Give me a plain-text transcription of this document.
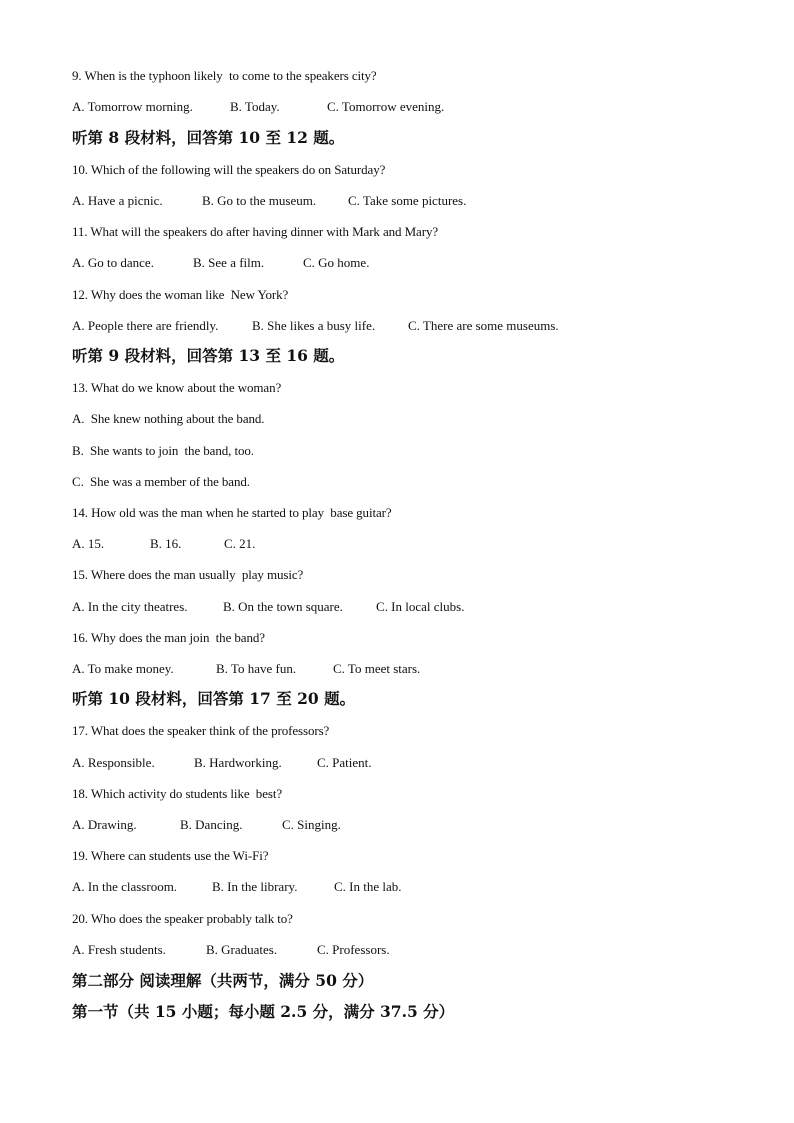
9. When is the typhoon likely  to come to the speakers city?
A. Tomorrow morning.	B. Today.	C. Tomorrow evening.
听第 8 段材料，回答第 10 至 12 题。
10. Which of the following will the speakers do on Saturday?
A. Have a picnic.	B. Go to the museum. C. Take some pictures.
11. What will the speakers do after having dinner with Mark and Mary?
A. Go to dance.	B. See a film.	C. Go home.
12. Why does the woman like  New York?
A. People there are friendly.	B. She likes a busy life.	C. There are some museums.
听第 9 段材料，回答第 13 至 16 题。
13. What do we know about the woman?
A.  She knew nothing about the band.
B.  She wants to join  the band, too.
C.  She was a member of the band.
14. How old was the man when he started to play  base guitar?
A. 15.	B. 16.	C. 21.
15. Where does the man usually  play music?
A. In the city theatres.	B. On the town square.	C. In local clubs.
16. Why does the man join  the band?
A. To make money.	B. To have fun.	C. To meet stars.
听第 10 段材料，回答第 17 至 20 题。
17. What does the speaker think of the professors?
A. Responsible.	B. Hardworking.	C. Patient.
18. Which activity do students like  best?
A. Drawing.	B. Dancing.	C. Singing.
19. Where can students use the Wi-Fi?
A. In the classroom.	B. In the library.	C. In the lab.
20. Who does the speaker probably talk to?
A. Fresh students.	B. Graduates.	C. Professors.
第二部分 阅读理解（共两节，满分 50 分）
第一节（共 15 小题；每小题 2.5 分，满分 37.5 分）
